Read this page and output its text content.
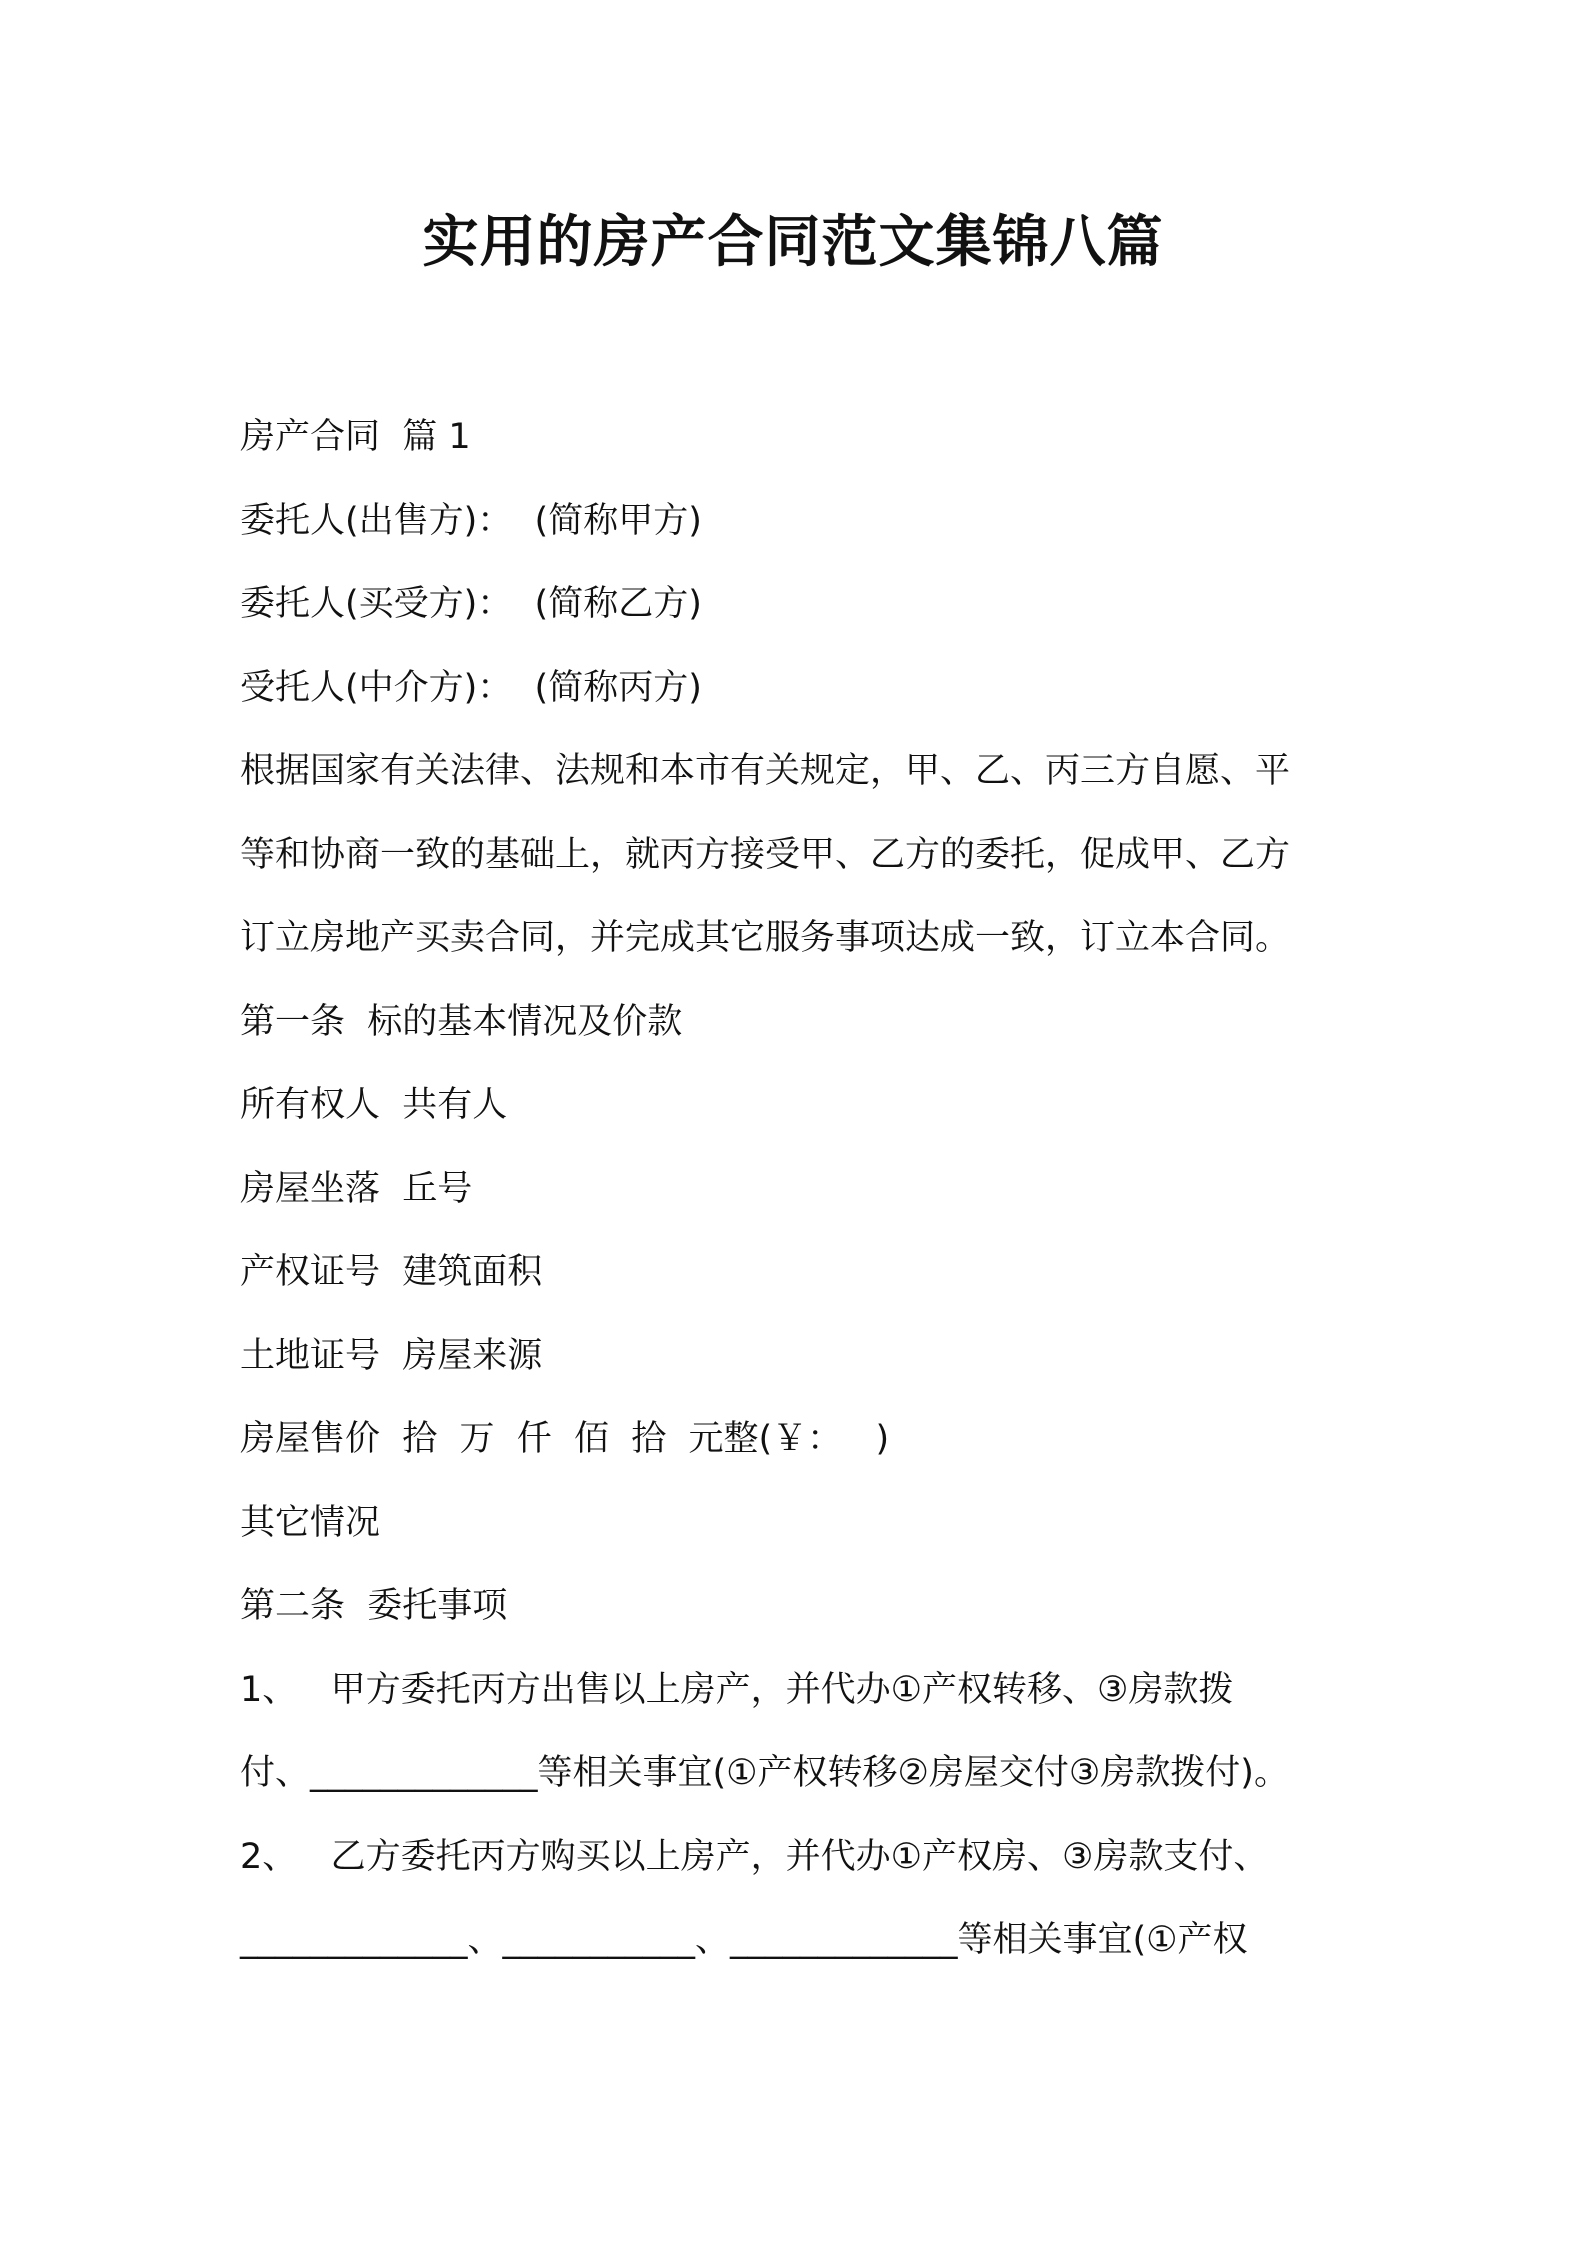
实用的房产合同范文集锦八篇
房产合同  篇 1
委托人(出售方)：  (简称甲方)
委托人(买受方)：  (简称乙方)
受托人(中介方)：  (简称丙方)
根据国家有关法律、法规和本市有关规定，甲、乙、丙三方自愿、平
等和协商一致的基础上，就丙方接受甲、乙方的委托，促成甲、乙方
订立房地产买卖合同，并完成其它服务事项达成一致，订立本合同。
第一条  标的基本情况及价款
所有权人  共有人
房屋坐落  丘号
产权证号  建筑面积
土地证号  房屋来源
房屋售价  拾  万  仟  佰  拾  元整(￥：   )
其它情况
第二条  委托事项
1、   甲方委托丙方出售以上房产，并代办①产权转移、③房款拨
付、_____________等相关事宜(①产权转移②房屋交付③房款拨付)。
2、   乙方委托丙方购买以上房产，并代办①产权房、③房款支付、
_____________、___________、_____________等相关事宜(①产权
